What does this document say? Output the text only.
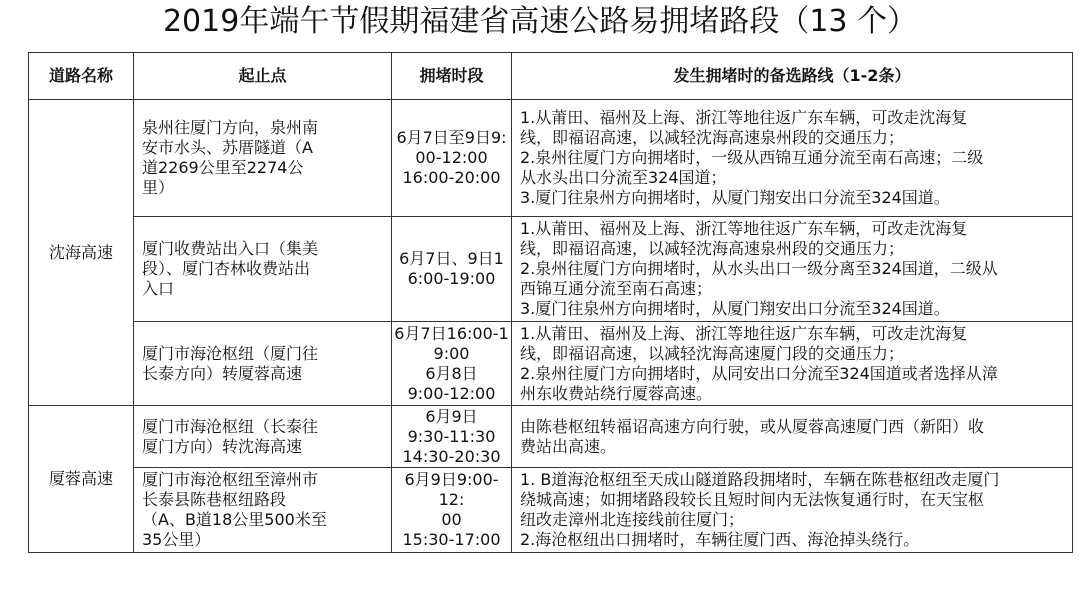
2019年端午节假期福建省高速公路易拥堵路段（13 个）
道路名称	起止点	拥堵时段	发生拥堵时的备选路线（1-2条）
沈海高速	泉州往厦门方向，泉州南
安市水头、苏厝隧道（A
道2269公里至2274公
里）	6月7日至9日9:
00-12:00
16:00-20:00	1.从莆田、福州及上海、浙江等地往返广东车辆，可改走沈海复
线，即福诏高速，以减轻沈海高速泉州段的交通压力；
2.泉州往厦门方向拥堵时，一级从西锦互通分流至南石高速；二级
从水头出口分流至324国道；
3.厦门往泉州方向拥堵时，从厦门翔安出口分流至324国道。

	厦门收费站出入口（集美
段）、厦门杏林收费站出
入口	6月7日、9日1
6:00-19:00	1.从莆田、福州及上海、浙江等地往返广东车辆，可改走沈海复
线，即福诏高速，以减轻沈海高速泉州段的交通压力；
2.泉州往厦门方向拥堵时，从水头出口一级分离至324国道，二级从
西锦互通分流至南石高速；
3.厦门往泉州方向拥堵时，从厦门翔安出口分流至324国道。

	厦门市海沧枢纽（厦门往
长泰方向）转厦蓉高速	6月7日16:00-1
9:00
6月8日
9:00-12:00	1.从莆田、福州及上海、浙江等地往返广东车辆，可改走沈海复
线，即福诏高速，以减轻沈海高速厦门段的交通压力；
2.泉州往厦门方向拥堵时，从同安出口分流至324国道或者选择从漳
州东收费站绕行厦蓉高速。

厦蓉高速	厦门市海沧枢纽（长泰往
厦门方向）转沈海高速	6月9日
9:30-11:30
14:30-20:30	由陈巷枢纽转福诏高速方向行驶，或从厦蓉高速厦门西（新阳）收
费站出高速。

	厦门市海沧枢纽至漳州市
长泰县陈巷枢纽路段
（A、B道18公里500米至
35公里）	6月9日9:00-12:
00
15:30-17:00	1. B道海沧枢纽至天成山隧道路段拥堵时，车辆在陈巷枢纽改走厦门
绕城高速；如拥堵路段较长且短时间内无法恢复通行时，在天宝枢
纽改走漳州北连接线前往厦门；
2.海沧枢纽出口拥堵时，车辆往厦门西、海沧掉头绕行。
